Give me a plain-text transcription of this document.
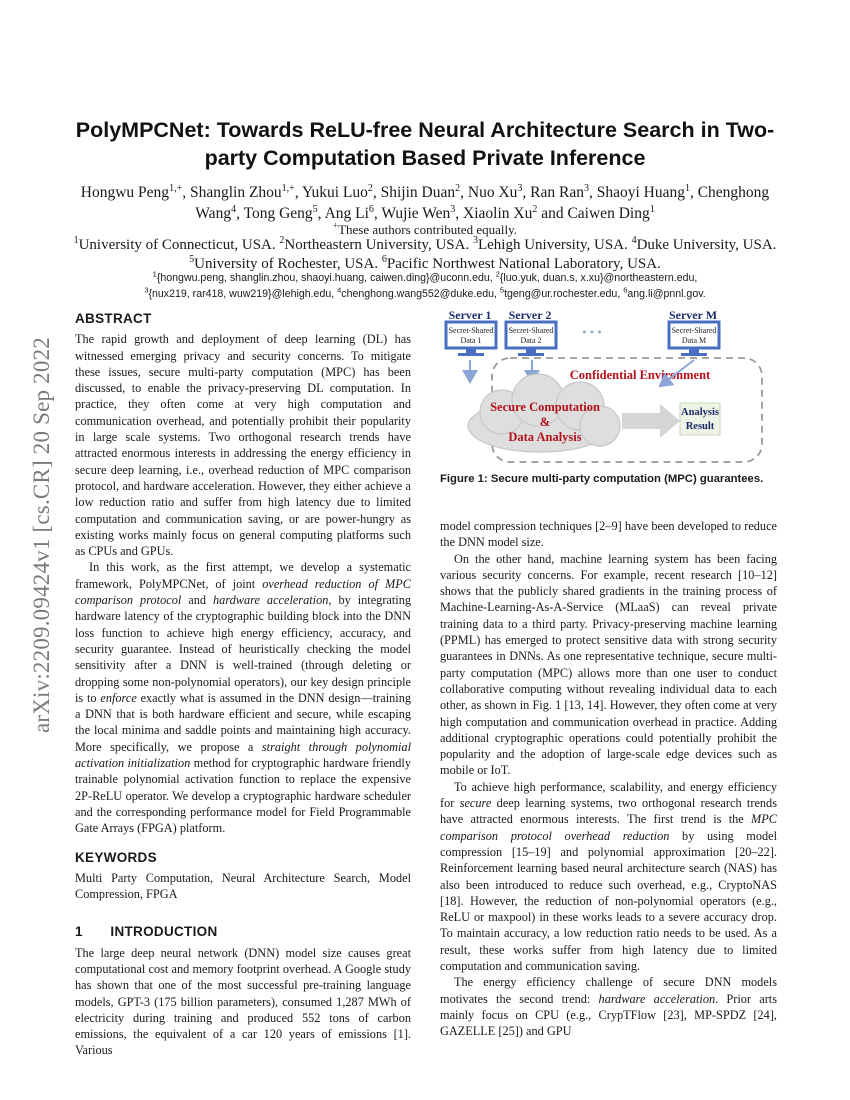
arXiv:2209.09424v1 [cs.CR] 20 Sep 2022
PolyMPCNet: Towards ReLU-free Neural Architecture Search in Two-party Computation Based Private Inference
Hongwu Peng$^{1,+}$, Shanglin Zhou$^{1,+}$, Yukui Luo$^2$, Shijin Duan$^2$, Nuo Xu$^3$, Ran Ran$^3$, Shaoyi Huang$^1$, Chenghong Wang$^4$, Tong Geng$^5$, Ang Li$^6$, Wujie Wen$^3$, Xiaolin Xu$^2$ and Caiwen Ding$^1$
+These authors contributed equally.
$^1$University of Connecticut, USA. $^2$Northeastern University, USA. $^3$Lehigh University, USA. $^4$Duke University, USA. $^5$University of Rochester, USA. $^6$Pacific Northwest National Laboratory, USA.
$^1${hongwu.peng, shanglin.zhou, shaoyi.huang, caiwen.ding}@uconn.edu, $^2${luo.yuk, duan.s, x.xu}@northeastern.edu,
$^3${nux219, rar418, wuw219}@lehigh.edu, $^4$chenghong.wang552@duke.edu, $^5$tgeng@ur.rochester.edu, $^6$ang.li@pnnl.gov.
ABSTRACT

The rapid growth and deployment of deep learning (DL) has witnessed emerging privacy and security concerns. To mitigate these issues, secure multi-party computation (MPC) has been discussed, to enable the privacy-preserving DL computation. In practice, they often come at very high computation and communication overhead, and potentially prohibit their popularity in large scale systems. Two orthogonal research trends have attracted enormous interests in addressing the energy efficiency in secure deep learning, i.e., overhead reduction of MPC comparison protocol, and hardware acceleration. However, they either achieve a low reduction ratio and suffer from high latency due to limited computation and communication saving, or are power-hungry as existing works mainly focus on general computing platforms such as CPUs and GPUs.

In this work, as the first attempt, we develop a systematic framework, PolyMPCNet, of joint overhead reduction of MPC comparison protocol and hardware acceleration, by integrating hardware latency of the cryptographic building block into the DNN loss function to achieve high energy efficiency, accuracy, and security guarantee. Instead of heuristically checking the model sensitivity after a DNN is well-trained (through deleting or dropping some non-polynomial operators), our key design principle is to enforce exactly what is assumed in the DNN design—training a DNN that is both hardware efficient and secure, while escaping the local minima and saddle points and maintaining high accuracy. More specifically, we propose a straight through polynomial activation initialization method for cryptographic hardware friendly trainable polynomial activation function to replace the expensive 2P-ReLU operator. We develop a cryptographic hardware scheduler and the corresponding performance model for Field Programmable Gate Arrays (FPGA) platform.

KEYWORDS

Multi Party Computation, Neural Architecture Search, Model Compression, FPGA

1  INTRODUCTION

The large deep neural network (DNN) model size causes great computational cost and memory footprint overhead. A Google study has shown that one of the most successful pre-training language models, GPT-3 (175 billion parameters), consumed 1,287 MWh of electricity during training and produced 552 tons of carbon emissions, the equivalent of a car 120 years of emissions [1]. Various

Server 1
Secret-Shared
Data 1
Server 2
Secret-Shared
Data 2
• • •
Server M
Secret-Shared
Data M
Confidential Environment
Secure Computation
&
Data Analysis
Analysis
Result
Figure 1: Secure multi-party computation (MPC) guarantees.

model compression techniques [2–9] have been developed to reduce the DNN model size.

On the other hand, machine learning system has been facing various security concerns. For example, recent research [10–12] shows that the publicly shared gradients in the training process of Machine-Learning-As-A-Service (MLaaS) can reveal private training data to a third party. Privacy-preserving machine learning (PPML) has emerged to protect sensitive data with strong security guarantees in DNNs. As one representative technique, secure multi-party computation (MPC) allows more than one user to conduct collaborative computing without revealing individual data to each other, as shown in Fig. 1 [13, 14]. However, they often come at very high computation and communication overhead in practice. Adding additional cryptographic operations could potentially prohibit the popularity and the adoption of large-scale edge devices such as mobile or IoT.

To achieve high performance, scalability, and energy efficiency for secure deep learning systems, two orthogonal research trends have attracted enormous interests. The first trend is the MPC comparison protocol overhead reduction by using model compression [15–19] and polynomial approximation [20–22]. Reinforcement learning based neural architecture search (NAS) has also been introduced to reduce such overhead, e.g., CryptoNAS [18]. However, the reduction of non-polynomial operators (e.g., ReLU or maxpool) in these works leads to a severe accuracy drop. To maintain accuracy, a low reduction ratio needs to be used. As a result, these works suffer from high latency due to limited computation and communication saving.

The energy efficiency challenge of secure DNN models motivates the second trend: hardware acceleration. Prior arts mainly focus on CPU (e.g., CrypTFlow [23], MP-SPDZ [24], GAZELLE [25]) and GPU
